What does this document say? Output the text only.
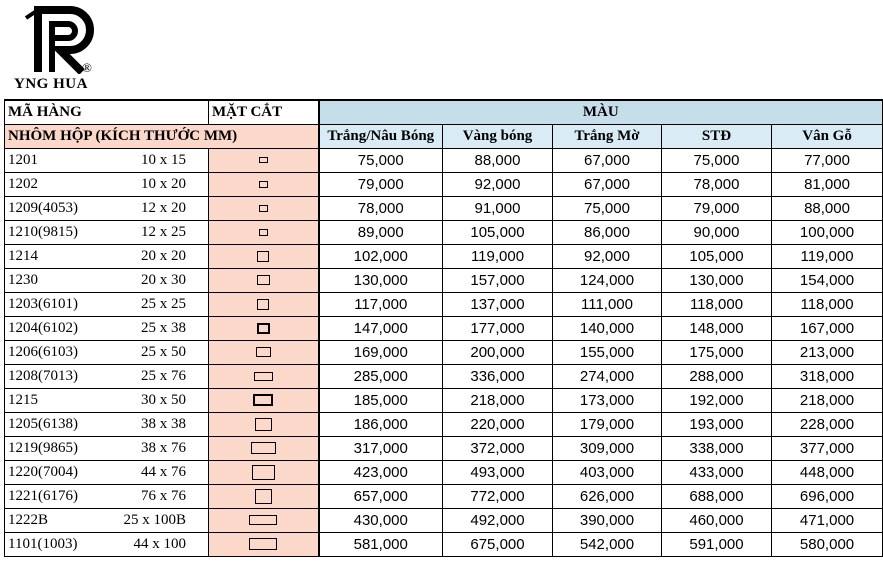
®
YNG HUA
MÃ HÀNG	MẶT CẮT	MÀU				
NHÔM HỘP (KÍCH THƯỚC MM)		Trắng/Nâu Bóng	Vàng bóng	Trắng Mờ	STĐ	Vân Gỗ

1201 10 x 15		75,000	88,000	67,000	75,000	77,000

1202 10 x 20		79,000	92,000	67,000	78,000	81,000

1209(4053) 12 x 20		78,000	91,000	75,000	79,000	88,000

1210(9815) 12 x 25		89,000	105,000	86,000	90,000	100,000

1214 20 x 20		102,000	119,000	92,000	105,000	119,000

1230 20 x 30		130,000	157,000	124,000	130,000	154,000

1203(6101) 25 x 25		117,000	137,000	111,000	118,000	118,000

1204(6102) 25 x 38		147,000	177,000	140,000	148,000	167,000

1206(6103) 25 x 50		169,000	200,000	155,000	175,000	213,000

1208(7013) 25 x 76		285,000	336,000	274,000	288,000	318,000

1215 30 x 50		185,000	218,000	173,000	192,000	218,000

1205(6138) 38 x 38		186,000	220,000	179,000	193,000	228,000

1219(9865) 38 x 76		317,000	372,000	309,000	338,000	377,000

1220(7004) 44 x 76		423,000	493,000	403,000	433,000	448,000

1221(6176) 76 x 76		657,000	772,000	626,000	688,000	696,000

1222B 25 x 100B		430,000	492,000	390,000	460,000	471,000

1101(1003) 44 x 100		581,000	675,000	542,000	591,000	580,000
